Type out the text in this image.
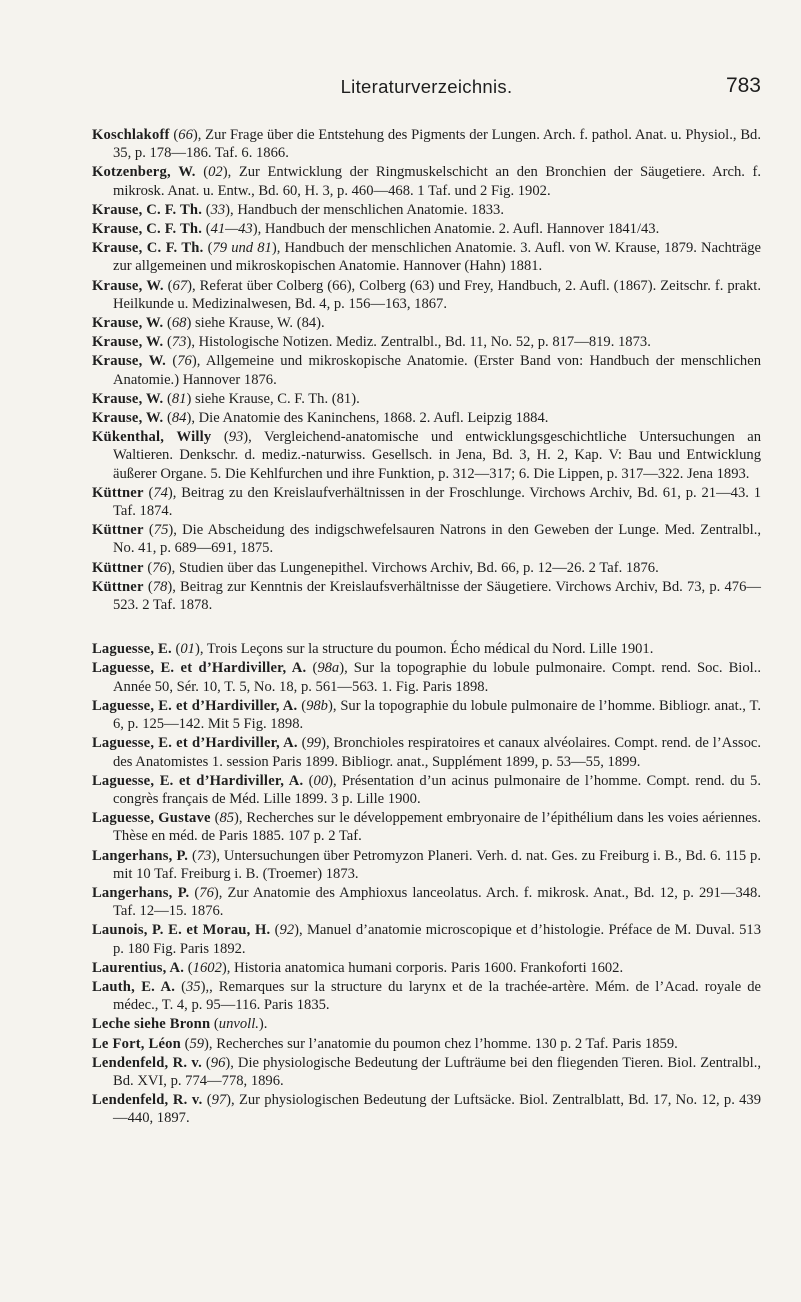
Literaturverzeichnis.	783

Koschlakoff (66), Zur Frage über die Entstehung des Pigments der Lungen. Arch. f. pathol. Anat. u. Physiol., Bd. 35, p. 178—186. Taf. 6. 1866.

Kotzenberg, W. (02), Zur Entwicklung der Ringmuskelschicht an den Bronchien der Säugetiere. Arch. f. mikrosk. Anat. u. Entw., Bd. 60, H. 3, p. 460—468. 1 Taf. und 2 Fig. 1902.

Krause, C. F. Th. (33), Handbuch der menschlichen Anatomie. 1833.

Krause, C. F. Th. (41—43), Handbuch der menschlichen Anatomie. 2. Aufl. Hannover 1841/43.

Krause, C. F. Th. (79 und 81), Handbuch der menschlichen Anatomie. 3. Aufl. von W. Krause, 1879. Nachträge zur allgemeinen und mikroskopischen Anatomie. Hannover (Hahn) 1881.

Krause, W. (67), Referat über Colberg (66), Colberg (63) und Frey, Handbuch, 2. Aufl. (1867). Zeitschr. f. prakt. Heilkunde u. Medizinalwesen, Bd. 4, p. 156—163, 1867.

Krause, W. (68) siehe Krause, W. (84).

Krause, W. (73), Histologische Notizen. Mediz. Zentralbl., Bd. 11, No. 52, p. 817—819. 1873.

Krause, W. (76), Allgemeine und mikroskopische Anatomie. (Erster Band von: Handbuch der menschlichen Anatomie.) Hannover 1876.

Krause, W. (81) siehe Krause, C. F. Th. (81).

Krause, W. (84), Die Anatomie des Kaninchens, 1868. 2. Aufl. Leipzig 1884.

Kükenthal, Willy (93), Vergleichend-anatomische und entwicklungsgeschichtliche Untersuchungen an Waltieren. Denkschr. d. mediz.-naturwiss. Gesellsch. in Jena, Bd. 3, H. 2, Kap. V: Bau und Entwicklung äußerer Organe. 5. Die Kehlfurchen und ihre Funktion, p. 312—317; 6. Die Lippen, p. 317—322. Jena 1893.

Küttner (74), Beitrag zu den Kreislaufverhältnissen in der Froschlunge. Virchows Archiv, Bd. 61, p. 21—43. 1 Taf. 1874.

Küttner (75), Die Abscheidung des indigschwefelsauren Natrons in den Geweben der Lunge. Med. Zentralbl., No. 41, p. 689—691, 1875.

Küttner (76), Studien über das Lungenepithel. Virchows Archiv, Bd. 66, p. 12—26. 2 Taf. 1876.

Küttner (78), Beitrag zur Kenntnis der Kreislaufsverhältnisse der Säugetiere. Virchows Archiv, Bd. 73, p. 476—523. 2 Taf. 1878.

Laguesse, E. (01), Trois Leçons sur la structure du poumon. Écho médical du Nord. Lille 1901.

Laguesse, E. et d’Hardiviller, A. (98a), Sur la topographie du lobule pulmonaire. Compt. rend. Soc. Biol.. Année 50, Sér. 10, T. 5, No. 18, p. 561—563. 1. Fig. Paris 1898.

Laguesse, E. et d’Hardiviller, A. (98b), Sur la topographie du lobule pulmonaire de l’homme. Bibliogr. anat., T. 6, p. 125—142. Mit 5 Fig. 1898.

Laguesse, E. et d’Hardiviller, A. (99), Bronchioles respiratoires et canaux alvéolaires. Compt. rend. de l’Assoc. des Anatomistes 1. session Paris 1899. Bibliogr. anat., Supplément 1899, p. 53—55, 1899.

Laguesse, E. et d’Hardiviller, A. (00), Présentation d’un acinus pulmonaire de l’homme. Compt. rend. du 5. congrès français de Méd. Lille 1899. 3 p. Lille 1900.

Laguesse, Gustave (85), Recherches sur le développement embryonaire de l’épithélium dans les voies aériennes. Thèse en méd. de Paris 1885. 107 p. 2 Taf.

Langerhans, P. (73), Untersuchungen über Petromyzon Planeri. Verh. d. nat. Ges. zu Freiburg i. B., Bd. 6. 115 p. mit 10 Taf. Freiburg i. B. (Troemer) 1873.

Langerhans, P. (76), Zur Anatomie des Amphioxus lanceolatus. Arch. f. mikrosk. Anat., Bd. 12, p. 291—348. Taf. 12—15. 1876.

Launois, P. E. et Morau, H. (92), Manuel d’anatomie microscopique et d’histologie. Préface de M. Duval. 513 p. 180 Fig. Paris 1892.

Laurentius, A. (1602), Historia anatomica humani corporis. Paris 1600. Frankoforti 1602.

Lauth, E. A. (35),, Remarques sur la structure du larynx et de la trachée-artère. Mém. de l’Acad. royale de médec., T. 4, p. 95—116. Paris 1835.

Leche siehe Bronn (unvoll.).

Le Fort, Léon (59), Recherches sur l’anatomie du poumon chez l’homme. 130 p. 2 Taf. Paris 1859.

Lendenfeld, R. v. (96), Die physiologische Bedeutung der Lufträume bei den fliegenden Tieren. Biol. Zentralbl., Bd. XVI, p. 774—778, 1896.

Lendenfeld, R. v. (97), Zur physiologischen Bedeutung der Luftsäcke. Biol. Zentralblatt, Bd. 17, No. 12, p. 439—440, 1897.
